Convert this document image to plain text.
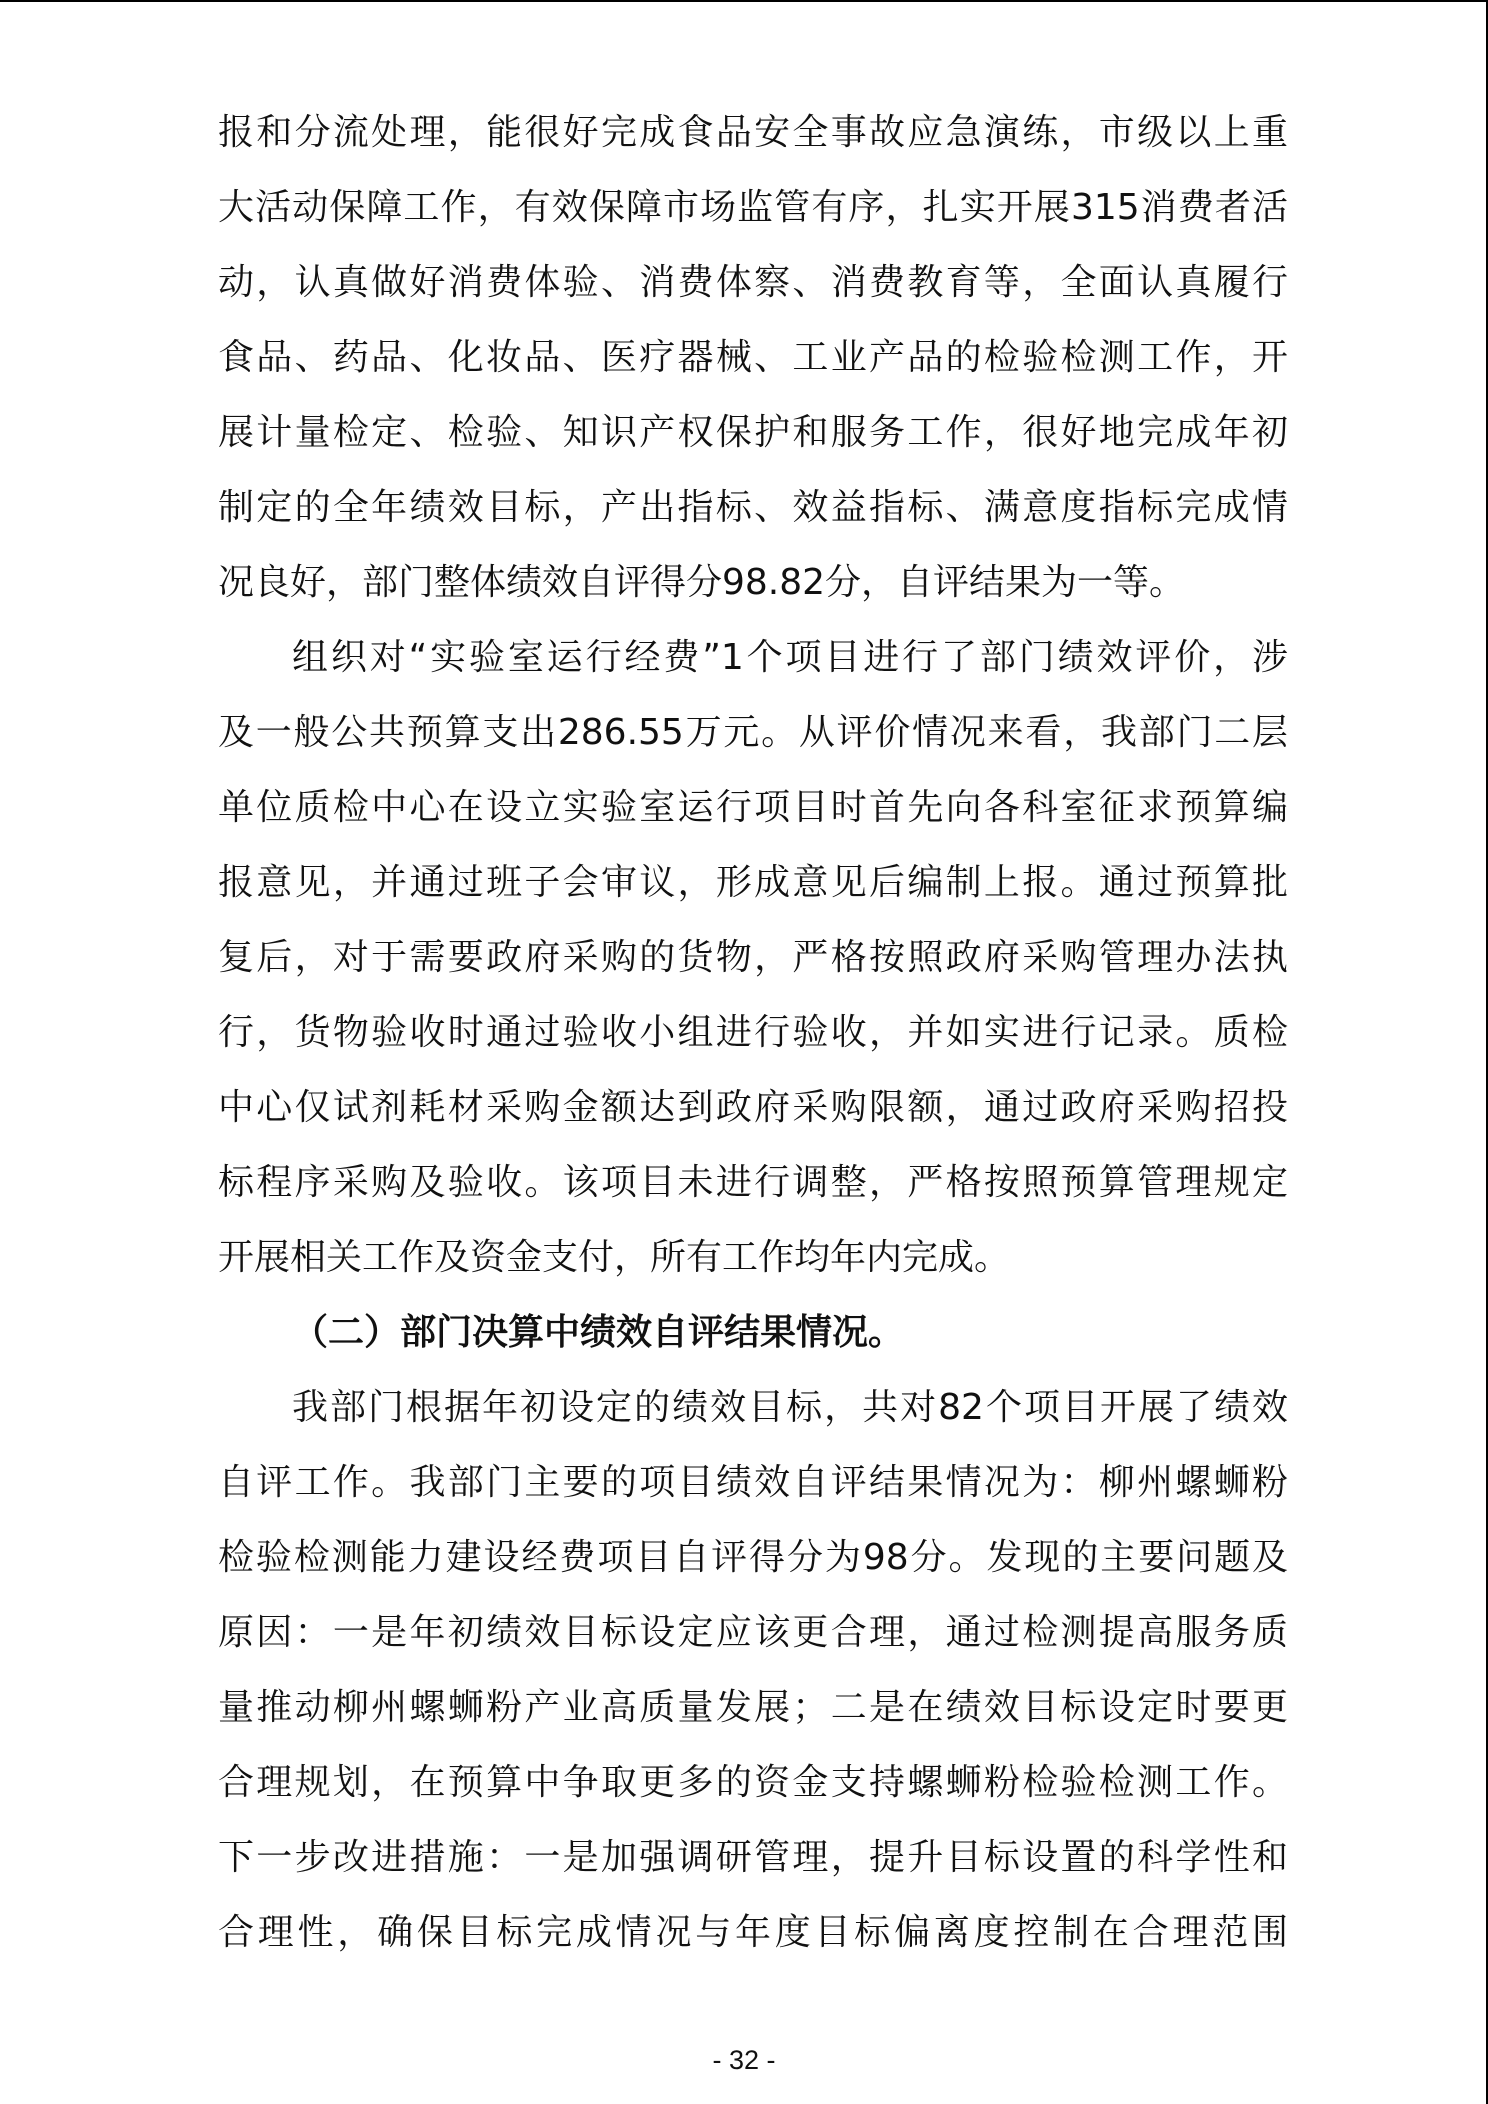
报和分流处理，能很好完成食品安全事故应急演练，市级以上重
大活动保障工作，有效保障市场监管有序，扎实开展315消费者活
动，认真做好消费体验、消费体察、消费教育等，全面认真履行
食品、药品、化妆品、医疗器械、工业产品的检验检测工作，开
展计量检定、检验、知识产权保护和服务工作，很好地完成年初
制定的全年绩效目标，产出指标、效益指标、满意度指标完成情
况良好，部门整体绩效自评得分98.82分，自评结果为一等。
组织对“实验室运行经费”1个项目进行了部门绩效评价，涉
及一般公共预算支出286.55万元。从评价情况来看，我部门二层
单位质检中心在设立实验室运行项目时首先向各科室征求预算编
报意见，并通过班子会审议，形成意见后编制上报。通过预算批
复后，对于需要政府采购的货物，严格按照政府采购管理办法执
行，货物验收时通过验收小组进行验收，并如实进行记录。质检
中心仅试剂耗材采购金额达到政府采购限额，通过政府采购招投
标程序采购及验收。该项目未进行调整，严格按照预算管理规定
开展相关工作及资金支付，所有工作均年内完成。
（二）部门决算中绩效自评结果情况。
我部门根据年初设定的绩效目标，共对82个项目开展了绩效
自评工作。我部门主要的项目绩效自评结果情况为：柳州螺蛳粉
检验检测能力建设经费项目自评得分为98分。发现的主要问题及
原因：一是年初绩效目标设定应该更合理，通过检测提高服务质
量推动柳州螺蛳粉产业高质量发展；二是在绩效目标设定时要更
合理规划，在预算中争取更多的资金支持螺蛳粉检验检测工作。
下一步改进措施：一是加强调研管理，提升目标设置的科学性和
合理性，确保目标完成情况与年度目标偏离度控制在合理范围
- 32 -
